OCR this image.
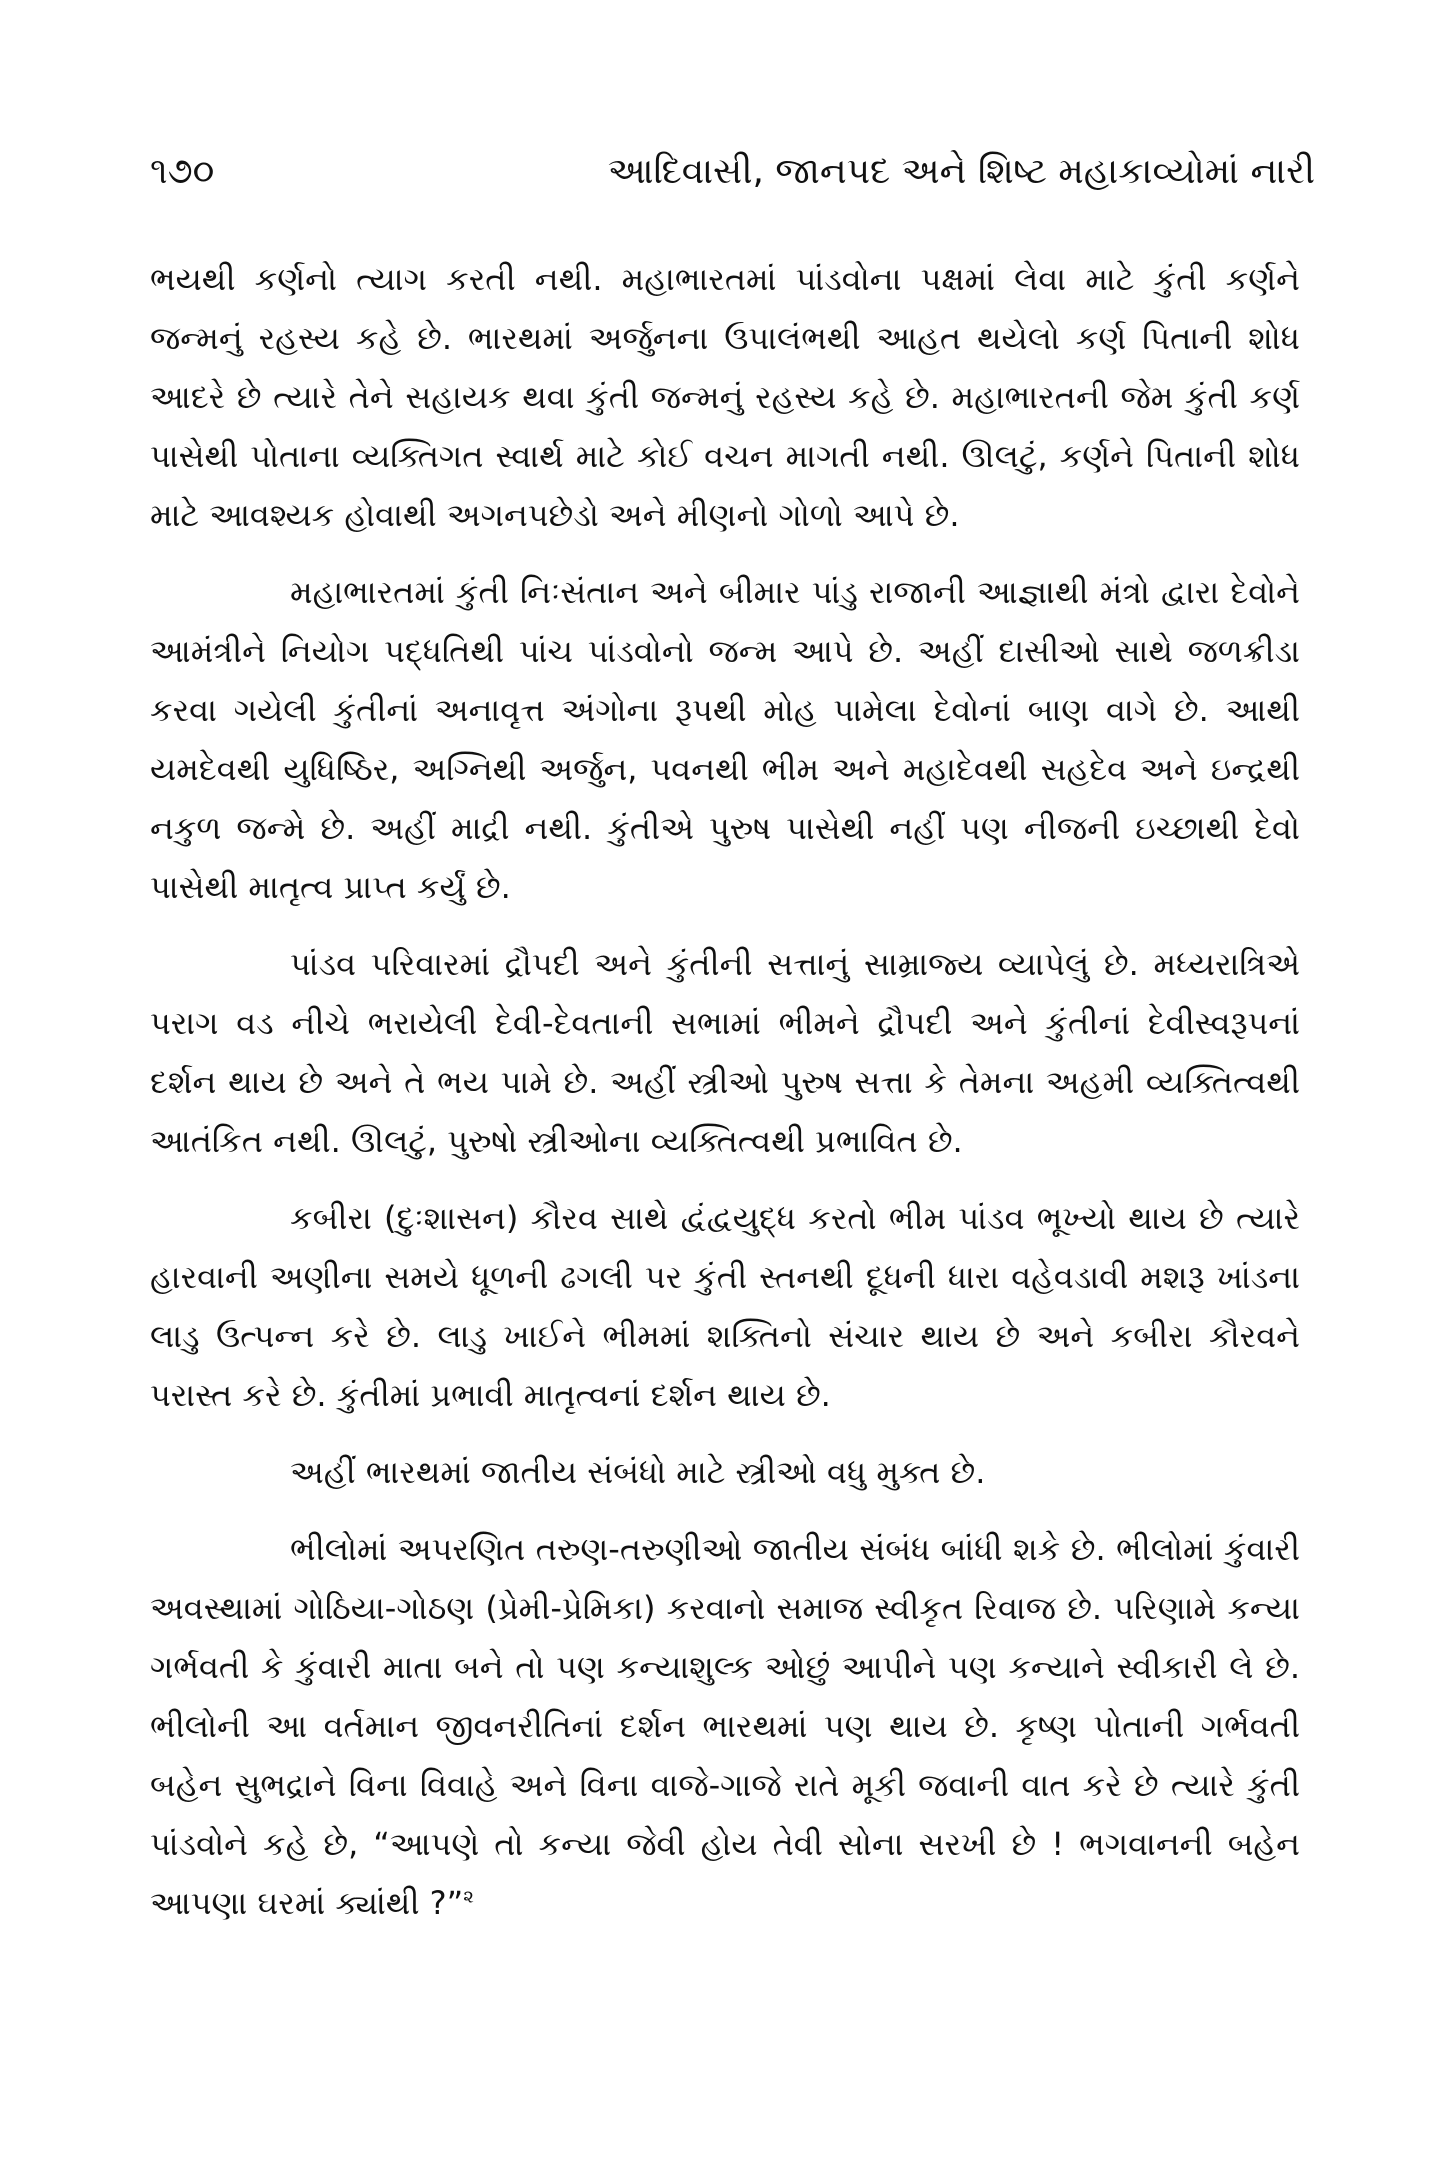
૧૭૦	આદિવાસી, જાનપદ અને શિષ્ટ મહાકાવ્યોમાં નારી

ભયથી કર્ણનો ત્યાગ કરતી નથી. મહાભારતમાં પાંડવોના પક્ષમાં લેવા માટે કુંતી કર્ણને જન્મનું રહસ્ય કહે છે. ભારથમાં અર્જુનના ઉપાલંભથી આહત થયેલો કર્ણ પિતાની શોધ આદરે છે ત્યારે તેને સહાયક થવા કુંતી જન્મનું રહસ્ય કહે છે. મહાભારતની જેમ કુંતી કર્ણ પાસેથી પોતાના વ્યક્તિગત સ્વાર્થ માટે કોઈ વચન માગતી નથી. ઊલટું, કર્ણને પિતાની શોધ માટે આવશ્યક હોવાથી અગનપછેડો અને મીણનો ગોળો આપે છે.

મહાભારતમાં કુંતી નિઃસંતાન અને બીમાર પાંડુ રાજાની આજ્ઞાથી મંત્રો દ્વારા દેવોને આમંત્રીને નિયોગ પદ્ધતિથી પાંચ પાંડવોનો જન્મ આપે છે. અહીં દાસીઓ સાથે જળક્રીડા કરવા ગયેલી કુંતીનાં અનાવૃત્ત અંગોના રૂપથી મોહ પામેલા દેવોનાં બાણ વાગે છે. આથી યમદેવથી યુધિષ્ઠિર, અગ્નિથી અર્જુન, પવનથી ભીમ અને મહાદેવથી સહદેવ અને ઇન્દ્રથી નકુળ જન્મે છે. અહીં માદ્રી નથી. કુંતીએ પુરુષ પાસેથી નહીં પણ નીજની ઇચ્છાથી દેવો પાસેથી માતૃત્વ પ્રાપ્ત કર્યું છે.

પાંડવ પરિવારમાં દ્રૌપદી અને કુંતીની સત્તાનું સામ્રાજ્ય વ્યાપેલું છે. મધ્યરાત્રિએ પરાગ વડ નીચે ભરાયેલી દેવી-દેવતાની સભામાં ભીમને દ્રૌપદી અને કુંતીનાં દેવીસ્વરૂપનાં દર્શન થાય છે અને તે ભય પામે છે. અહીં સ્ત્રીઓ પુરુષ સત્તા કે તેમના અહમી વ્યક્તિત્વથી આતંકિત નથી. ઊલટું, પુરુષો સ્ત્રીઓના વ્યક્તિત્વથી પ્રભાવિત છે.

કબીરા (દુઃશાસન) કૌરવ સાથે દ્વંદ્વયુદ્ધ કરતો ભીમ પાંડવ ભૂખ્યો થાય છે ત્યારે હારવાની અણીના સમયે ધૂળની ઢગલી પર કુંતી સ્તનથી દૂધની ધારા વહેવડાવી મશરૂ ખાંડના લાડુ ઉત્પન્ન કરે છે. લાડુ ખાઈને ભીમમાં શક્તિનો સંચાર થાય છે અને કબીરા કૌરવને પરાસ્ત કરે છે. કુંતીમાં પ્રભાવી માતૃત્વનાં દર્શન થાય છે.

અહીં ભારથમાં જાતીય સંબંધો માટે સ્ત્રીઓ વધુ મુક્ત છે.

ભીલોમાં અપરણિત તરુણ-તરુણીઓ જાતીય સંબંધ બાંધી શકે છે. ભીલોમાં કુંવારી અવસ્થામાં ગોઠિયા-ગોઠણ (પ્રેમી-પ્રેમિકા) કરવાનો સમાજ સ્વીકૃત રિવાજ છે. પરિણામે કન્યા ગર્ભવતી કે કુંવારી માતા બને તો પણ કન્યાશુલ્ક ઓછું આપીને પણ કન્યાને સ્વીકારી લે છે. ભીલોની આ વર્તમાન જીવનરીતિનાં દર્શન ભારથમાં પણ થાય છે. કૃષ્ણ પોતાની ગર્ભવતી બહેન સુભદ્રાને વિના વિવાહે અને વિના વાજે-ગાજે રાતે મૂકી જવાની વાત કરે છે ત્યારે કુંતી પાંડવોને કહે છે, “આપણે તો કન્યા જેવી હોય તેવી સોના સરખી છે ! ભગવાનની બહેન આપણા ઘરમાં ક્યાંથી ?”$^૨$
